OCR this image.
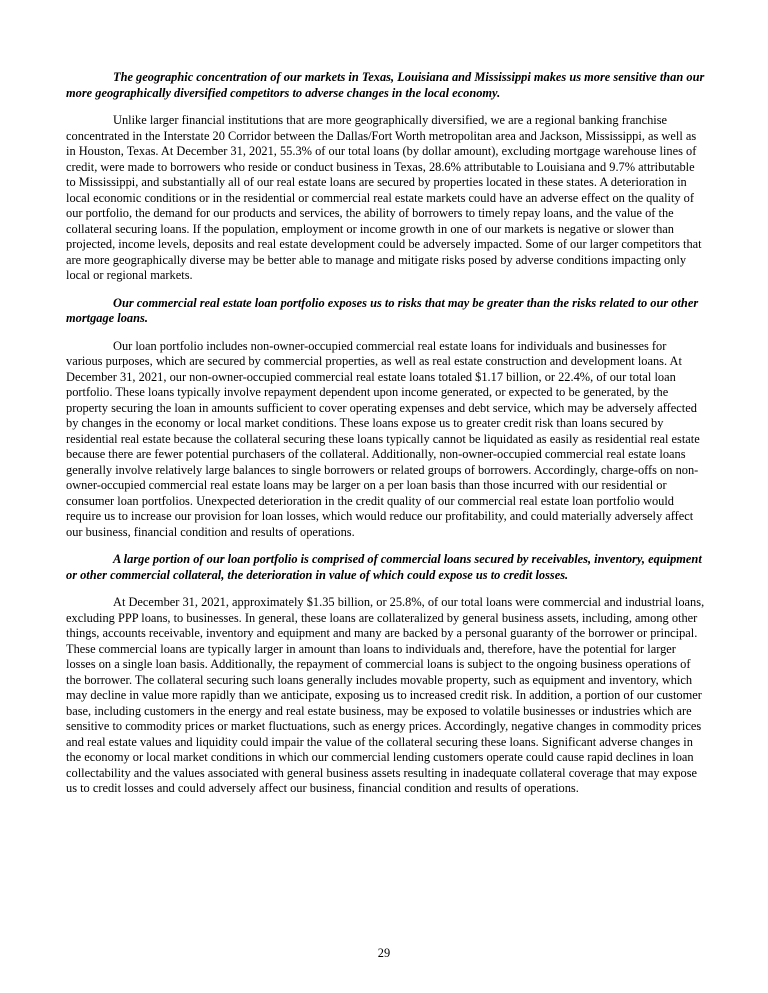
The geographic concentration of our markets in Texas, Louisiana and Mississippi makes us more sensitive than our more geographically diversified competitors to adverse changes in the local economy.

Unlike larger financial institutions that are more geographically diversified, we are a regional banking franchise concentrated in the Interstate 20 Corridor between the Dallas/Fort Worth metropolitan area and Jackson, Mississippi, as well as in Houston, Texas. At December 31, 2021, 55.3% of our total loans (by dollar amount), excluding mortgage warehouse lines of credit, were made to borrowers who reside or conduct business in Texas, 28.6% attributable to Louisiana and 9.7% attributable to Mississippi, and substantially all of our real estate loans are secured by properties located in these states. A deterioration in local economic conditions or in the residential or commercial real estate markets could have an adverse effect on the quality of our portfolio, the demand for our products and services, the ability of borrowers to timely repay loans, and the value of the collateral securing loans. If the population, employment or income growth in one of our markets is negative or slower than projected, income levels, deposits and real estate development could be adversely impacted. Some of our larger competitors that are more geographically diverse may be better able to manage and mitigate risks posed by adverse conditions impacting only local or regional markets.

Our commercial real estate loan portfolio exposes us to risks that may be greater than the risks related to our other mortgage loans.

Our loan portfolio includes non-owner-occupied commercial real estate loans for individuals and businesses for various purposes, which are secured by commercial properties, as well as real estate construction and development loans. At December 31, 2021, our non-owner-occupied commercial real estate loans totaled $1.17 billion, or 22.4%, of our total loan portfolio. These loans typically involve repayment dependent upon income generated, or expected to be generated, by the property securing the loan in amounts sufficient to cover operating expenses and debt service, which may be adversely affected by changes in the economy or local market conditions. These loans expose us to greater credit risk than loans secured by residential real estate because the collateral securing these loans typically cannot be liquidated as easily as residential real estate because there are fewer potential purchasers of the collateral. Additionally, non-owner-occupied commercial real estate loans generally involve relatively large balances to single borrowers or related groups of borrowers. Accordingly, charge-offs on non-owner-occupied commercial real estate loans may be larger on a per loan basis than those incurred with our residential or consumer loan portfolios. Unexpected deterioration in the credit quality of our commercial real estate loan portfolio would require us to increase our provision for loan losses, which would reduce our profitability, and could materially adversely affect our business, financial condition and results of operations.

A large portion of our loan portfolio is comprised of commercial loans secured by receivables, inventory, equipment or other commercial collateral, the deterioration in value of which could expose us to credit losses.

At December 31, 2021, approximately $1.35 billion, or 25.8%, of our total loans were commercial and industrial loans, excluding PPP loans, to businesses. In general, these loans are collateralized by general business assets, including, among other things, accounts receivable, inventory and equipment and many are backed by a personal guaranty of the borrower or principal. These commercial loans are typically larger in amount than loans to individuals and, therefore, have the potential for larger losses on a single loan basis. Additionally, the repayment of commercial loans is subject to the ongoing business operations of the borrower. The collateral securing such loans generally includes movable property, such as equipment and inventory, which may decline in value more rapidly than we anticipate, exposing us to increased credit risk. In addition, a portion of our customer base, including customers in the energy and real estate business, may be exposed to volatile businesses or industries which are sensitive to commodity prices or market fluctuations, such as energy prices. Accordingly, negative changes in commodity prices and real estate values and liquidity could impair the value of the collateral securing these loans. Significant adverse changes in the economy or local market conditions in which our commercial lending customers operate could cause rapid declines in loan collectability and the values associated with general business assets resulting in inadequate collateral coverage that may expose us to credit losses and could adversely affect our business, financial condition and results of operations.

29
